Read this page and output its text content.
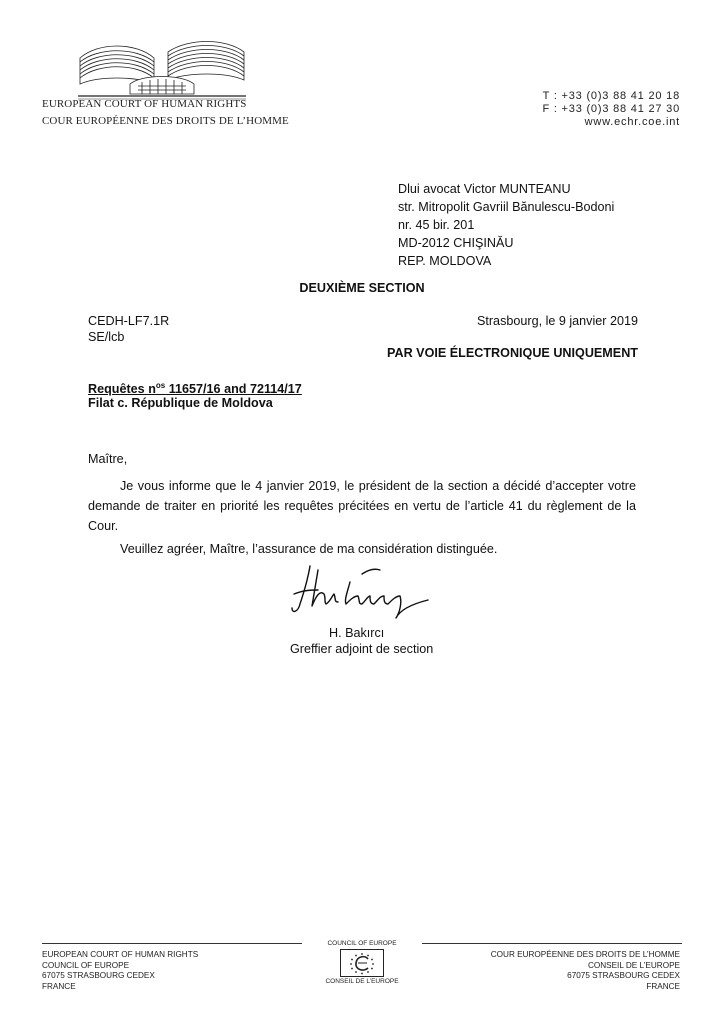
EUROPEAN COURT OF HUMAN RIGHTS
COUR EUROPÉENNE DES DROITS DE L’HOMME
T : +33 (0)3 88 41 20 18
F : +33 (0)3 88 41 27 30
www.echr.coe.int
Dlui avocat Victor MUNTEANU
str. Mitropolit Gavriil Bănulescu-Bodoni
nr. 45 bir. 201
MD-2012 CHIŞINĂU
REP. MOLDOVA
DEUXIÈME SECTION
CEDH-LF7.1R
SE/lcb
Strasbourg, le 9 janvier 2019
PAR VOIE ÉLECTRONIQUE UNIQUEMENT
Requêtes $n^{os}$ 11657/16 and 72114/17
Filat c. République de Moldova
Maître,
Je vous informe que le 4 janvier 2019, le président de la section a décidé d’accepter votre demande de traiter en priorité les requêtes précitées en vertu de l’article 41 du règlement de la Cour.
Veuillez agréer, Maître, l’assurance de ma considération distinguée.
H. Bakırcı
Greffier adjoint de section
EUROPEAN COURT OF HUMAN RIGHTS
COUNCIL OF EUROPE
67075 STRASBOURG CEDEX
FRANCE
COUR EUROPÉENNE DES DROITS DE L’HOMME
CONSEIL DE L’EUROPE
67075 STRASBOURG CEDEX
FRANCE
COUNCIL OF EUROPE
CONSEIL DE L’EUROPE
